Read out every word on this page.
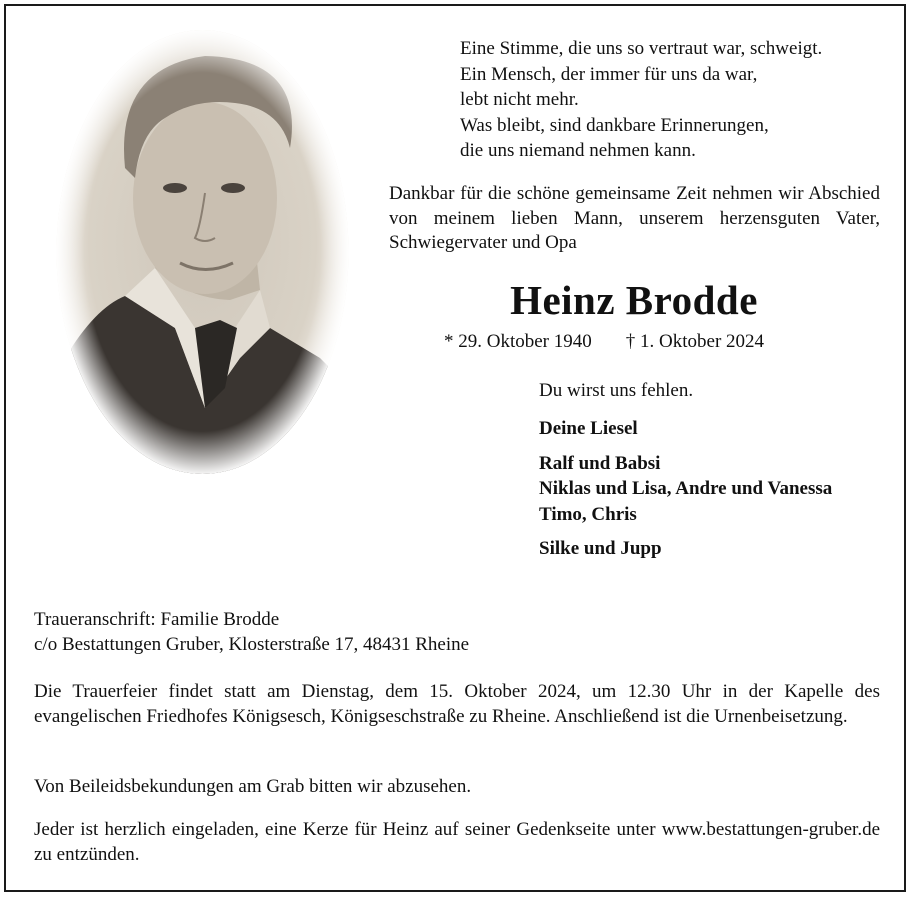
Eine Stimme, die uns so vertraut war, schweigt.
Ein Mensch, der immer für uns da war,
lebt nicht mehr.
Was bleibt, sind dankbare Erinnerungen,
die uns niemand nehmen kann.
Dankbar für die schöne gemeinsame Zeit nehmen wir Abschied von meinem lieben Mann, unserem herzensguten Vater, Schwiegervater und Opa
Heinz Brodde
* 29. Oktober 1940 † 1. Oktober 2024
Du wirst uns fehlen.
Deine Liesel
Ralf und Babsi
Niklas und Lisa, Andre und Vanessa
Timo, Chris
Silke und Jupp
Traueranschrift: Familie Brodde
c/o Bestattungen Gruber, Klosterstraße 17, 48431 Rheine
Die Trauerfeier findet statt am Dienstag, dem 15. Oktober 2024, um 12.30 Uhr in der Kapelle des evangelischen Friedhofes Königsesch, Königseschstraße zu Rheine. Anschließend ist die Urnenbeisetzung.
Von Beileidsbekundungen am Grab bitten wir abzusehen.
Jeder ist herzlich eingeladen, eine Kerze für Heinz auf seiner Gedenkseite unter www.bestattungen-gruber.de zu entzünden.
